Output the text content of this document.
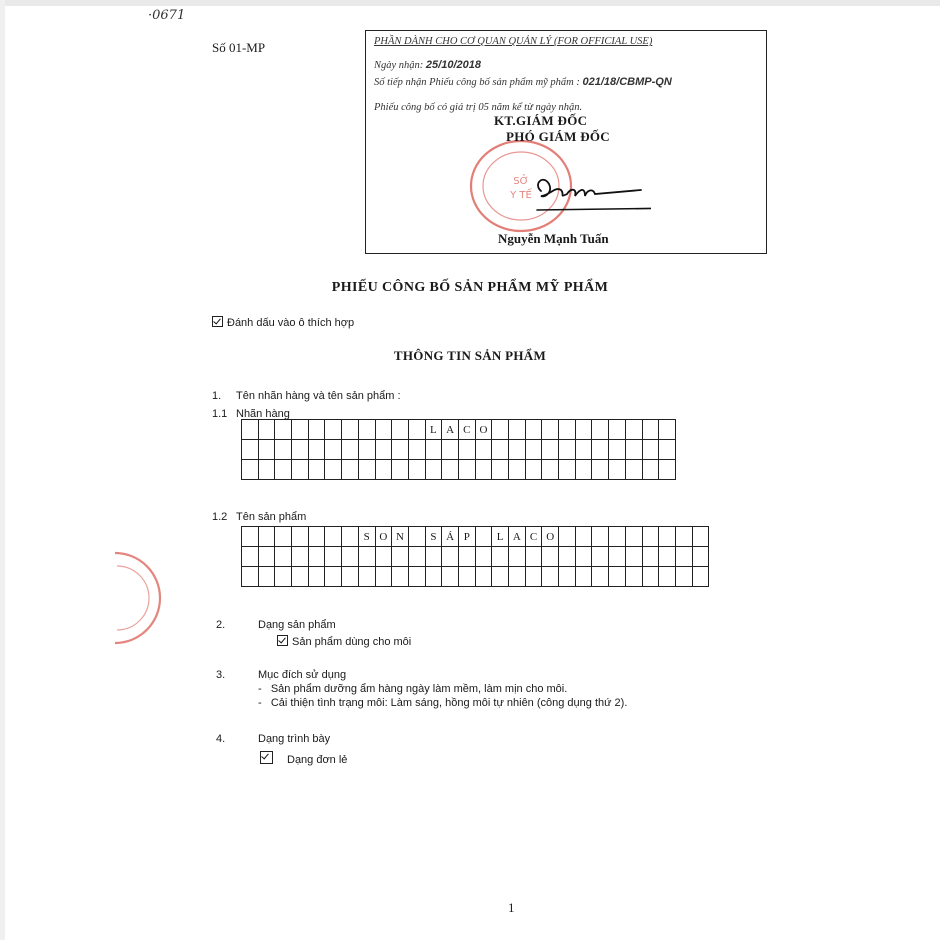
·0671
Số 01-MP	PHẦN DÀNH CHO CƠ QUAN QUẢN LÝ (FOR OFFICIAL USE)
Ngày nhận: 25/10/2018
Số tiếp nhận Phiếu công bố sản phẩm mỹ phẩm : 021/18/CBMP-QN
Phiếu công bố có giá trị 05 năm kể từ ngày nhận.
SỞ
Y TẾ
KT.GIÁM ĐỐC
PHÓ GIÁM ĐỐC
Nguyễn Mạnh Tuấn
PHIẾU CÔNG BỐ SẢN PHẨM MỸ PHẨM
Đánh dấu vào ô thích hợp
THÔNG TIN SẢN PHẨM
1. Tên nhãn hàng và tên sản phẩm :
1.1 Nhãn hàng
											L	A	C	O											

1.2 Tên sản phẩm
							S	O	N		S	Á	P		L	A	C	O									

2.	Dạng sản phẩm
Sản phẩm dùng cho môi
3.	Mục đích sử dụng
-   Sản phẩm dưỡng ẩm hàng ngày làm mềm, làm mịn cho môi.
-   Cải thiện tình trạng môi: Làm sáng, hồng môi tự nhiên (công dụng thứ 2).
4.	Dạng trình bày
Dạng đơn lẻ
1
